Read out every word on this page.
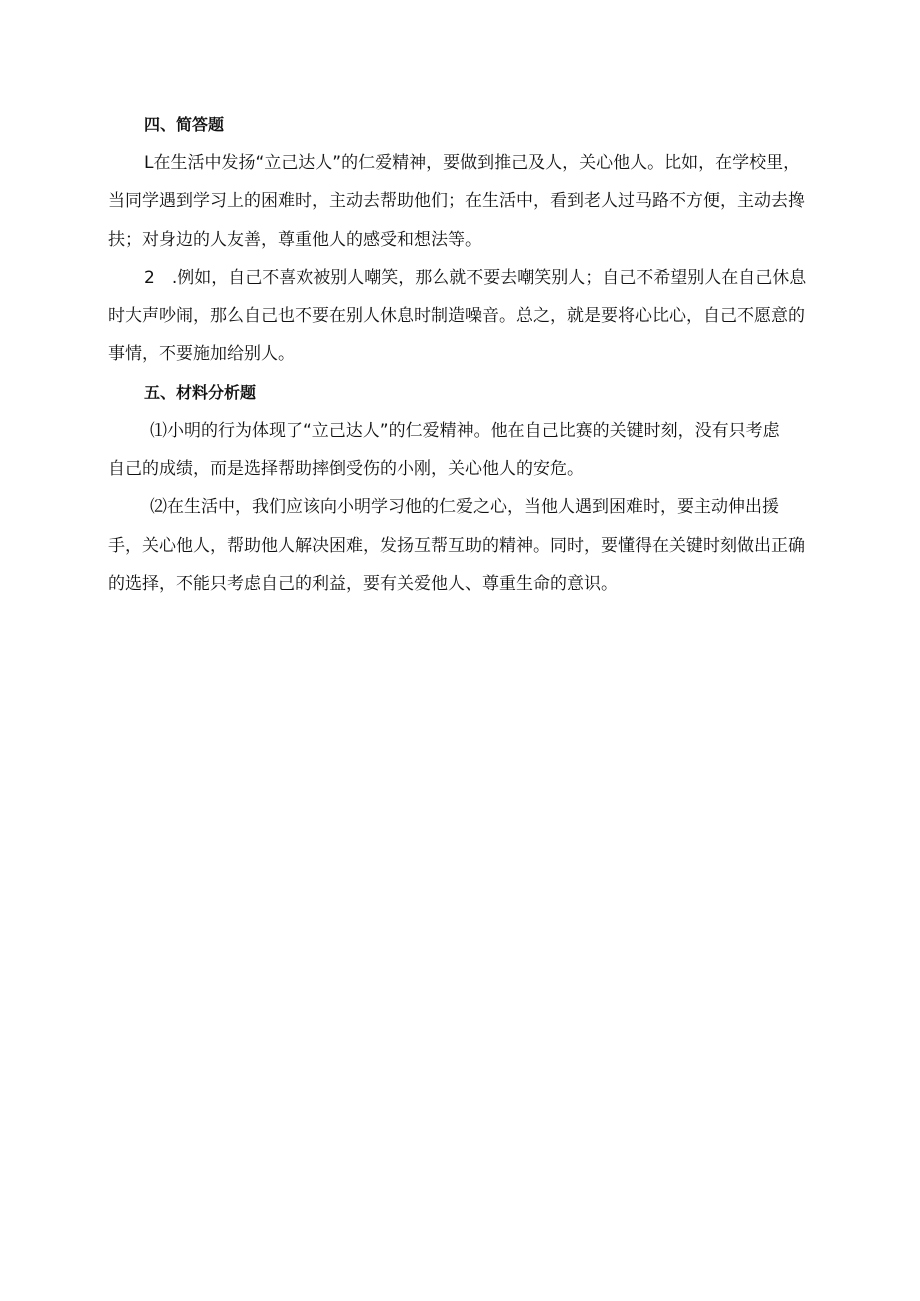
四、简答题
L在生活中发扬“立己达人”的仁爱精神，要做到推己及人，关心他人。比如，在学校里，
当同学遇到学习上的困难时，主动去帮助他们；在生活中，看到老人过马路不方便，主动去搀
扶；对身边的人友善，尊重他人的感受和想法等。
2　.例如，自己不喜欢被别人嘲笑，那么就不要去嘲笑别人；自己不希望别人在自己休息
时大声吵闹，那么自己也不要在别人休息时制造噪音。总之，就是要将心比心，自己不愿意的
事情，不要施加给别人。
五、材料分析题
⑴小明的行为体现了“立己达人”的仁爱精神。他在自己比赛的关键时刻，没有只考虑
自己的成绩，而是选择帮助摔倒受伤的小刚，关心他人的安危。
⑵在生活中，我们应该向小明学习他的仁爱之心，当他人遇到困难时，要主动伸出援
手，关心他人，帮助他人解决困难，发扬互帮互助的精神。同时，要懂得在关键时刻做出正确
的选择，不能只考虑自己的利益，要有关爱他人、尊重生命的意识。
